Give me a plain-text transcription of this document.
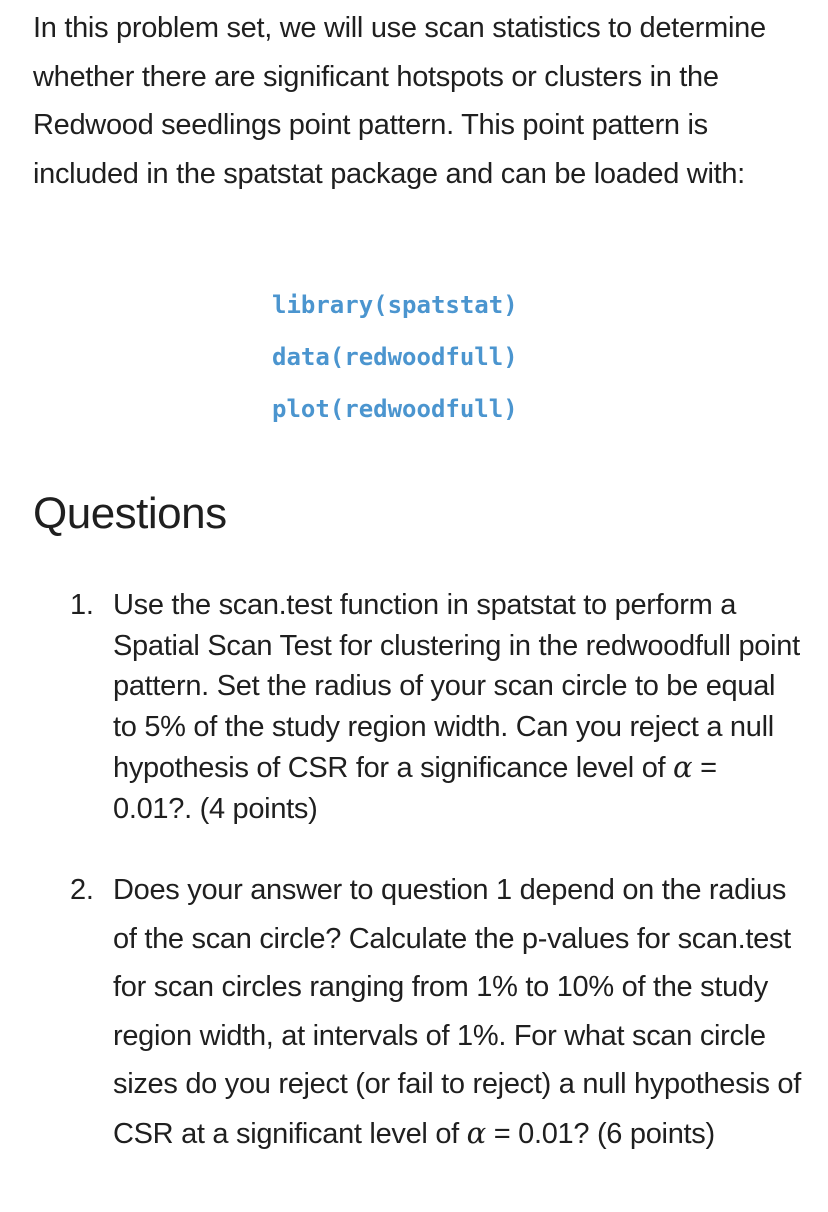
In this problem set, we will use scan statistics to determine whether there are significant hotspots or clusters in the Redwood seedlings point pattern. This point pattern is included in the spatstat package and can be loaded with:

library(spatstat)
data(redwoodfull)
plot(redwoodfull)
Questions
1. Use the scan.test function in spatstat to perform a Spatial Scan Test for clustering in the redwoodfull point pattern. Set the radius of your scan circle to be equal to 5% of the study region width. Can you reject a null hypothesis of CSR for a significance level of α = 0.01?. (4 points)
2. Does your answer to question 1 depend on the radius of the scan circle? Calculate the p-values for scan.test for scan circles ranging from 1% to 10% of the study region width, at intervals of 1%. For what scan circle sizes do you reject (or fail to reject) a null hypothesis of CSR at a significant level of α = 0.01? (6 points)
